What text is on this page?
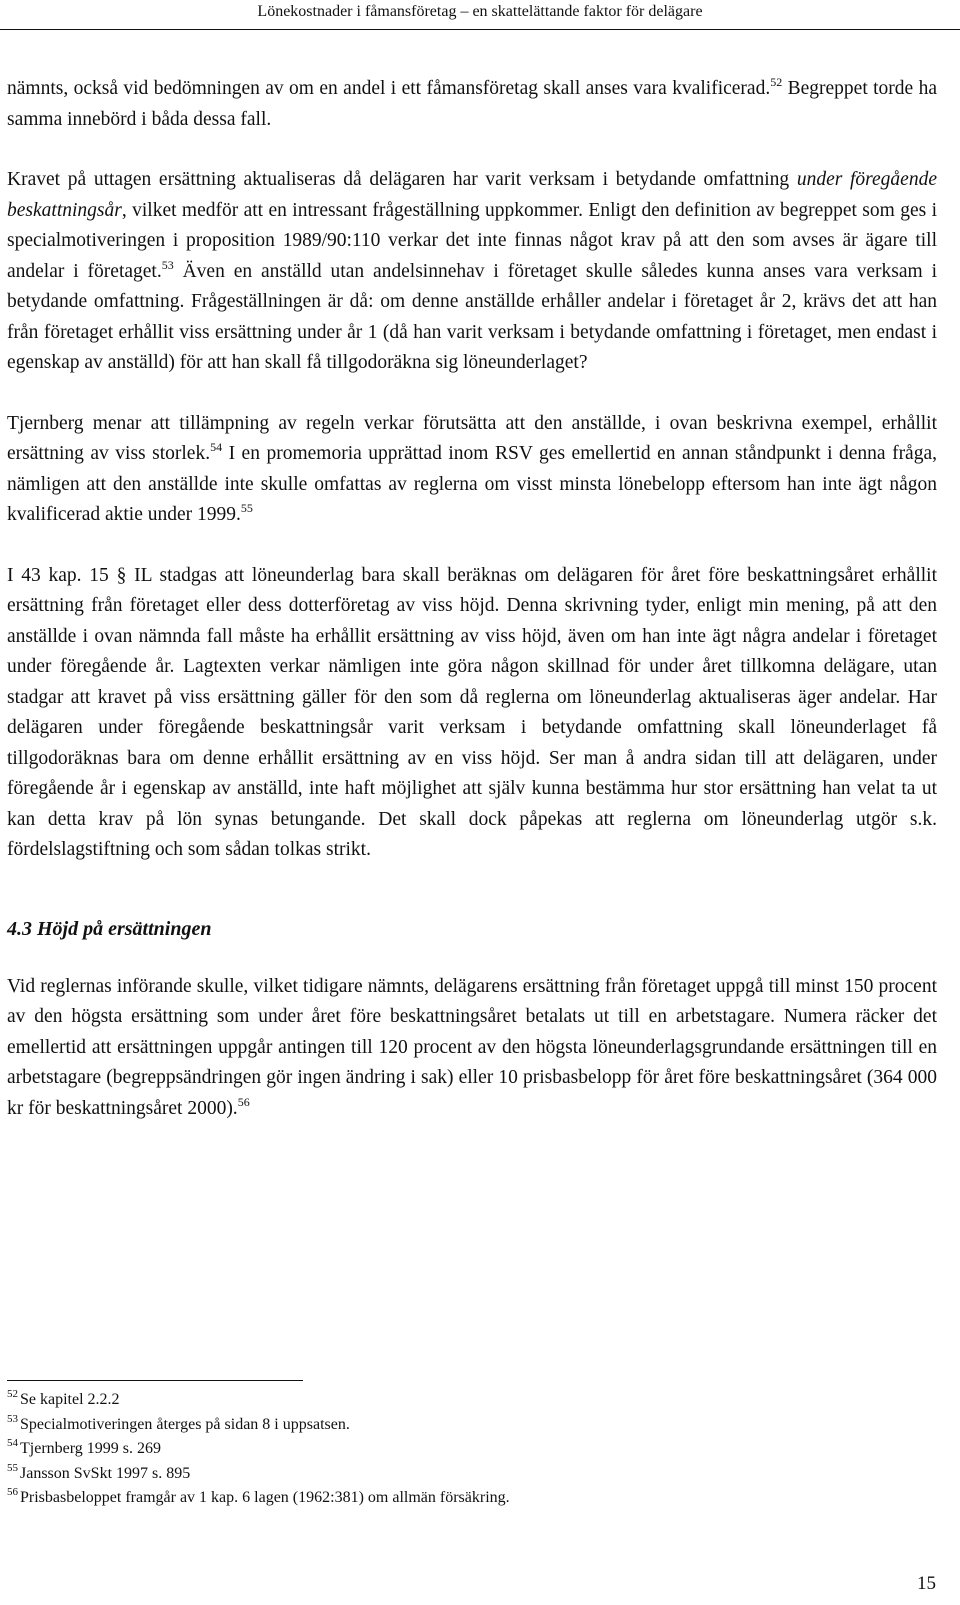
Lönekostnader i fåmansföretag – en skattelättande faktor för delägare

nämnts, också vid bedömningen av om en andel i ett fåmansföretag skall anses vara kvalificerad.$^{52}$ Begreppet torde ha samma innebörd i båda dessa fall.

Kravet på uttagen ersättning aktualiseras då delägaren har varit verksam i betydande omfattning under föregående beskattningsår, vilket medför att en intressant frågeställning uppkommer. Enligt den definition av begreppet som ges i specialmotiveringen i proposition 1989/90:110 verkar det inte finnas något krav på att den som avses är ägare till andelar i företaget.$^{53}$ Även en anställd utan andelsinnehav i företaget skulle således kunna anses vara verksam i betydande omfattning. Frågeställningen är då: om denne anställde erhåller andelar i företaget år 2, krävs det att han från företaget erhållit viss ersättning under år 1 (då han varit verksam i betydande omfattning i företaget, men endast i egenskap av anställd) för att han skall få tillgodoräkna sig löneunderlaget?

Tjernberg menar att tillämpning av regeln verkar förutsätta att den anställde, i ovan beskrivna exempel, erhållit ersättning av viss storlek.$^{54}$ I en promemoria upprättad inom RSV ges emellertid en annan ståndpunkt i denna fråga, nämligen att den anställde inte skulle omfattas av reglerna om visst minsta lönebelopp eftersom han inte ägt någon kvalificerad aktie under 1999.55

I 43 kap. 15 § IL stadgas att löneunderlag bara skall beräknas om delägaren för året före beskattningsåret erhållit ersättning från företaget eller dess dotterföretag av viss höjd. Denna skrivning tyder, enligt min mening, på att den anställde i ovan nämnda fall måste ha erhållit ersättning av viss höjd, även om han inte ägt några andelar i företaget under föregående år. Lagtexten verkar nämligen inte göra någon skillnad för under året tillkomna delägare, utan stadgar att kravet på viss ersättning gäller för den som då reglerna om löneunderlag aktualiseras äger andelar. Har delägaren under föregående beskattningsår varit verksam i betydande omfattning skall löneunderlaget få tillgodoräknas bara om denne erhållit ersättning av en viss höjd. Ser man å andra sidan till att delägaren, under föregående år i egenskap av anställd, inte haft möjlighet att själv kunna bestämma hur stor ersättning han velat ta ut kan detta krav på lön synas betungande. Det skall dock påpekas att reglerna om löneunderlag utgör s.k. fördelslagstiftning och som sådan tolkas strikt.

4.3 Höjd på ersättningen

Vid reglernas införande skulle, vilket tidigare nämnts, delägarens ersättning från företaget uppgå till minst 150 procent av den högsta ersättning som under året före beskattningsåret betalats ut till en arbetstagare. Numera räcker det emellertid att ersättningen uppgår antingen till 120 procent av den högsta löneunderlagsgrundande ersättningen till en arbetstagare (begreppsändringen gör ingen ändring i sak) eller 10 prisbasbelopp för året före beskattningsåret (364 000 kr för beskattningsåret 2000).$^{56}$

$^{52}$ Se kapitel 2.2.2
$^{53}$ Specialmotiveringen återges på sidan 8 i uppsatsen.
$^{54}$ Tjernberg 1999 s. 269
$^{55}$ Jansson SvSkt 1997 s. 895
$^{56}$ Prisbasbeloppet framgår av 1 kap. 6 lagen (1962:381) om allmän försäkring.
15
